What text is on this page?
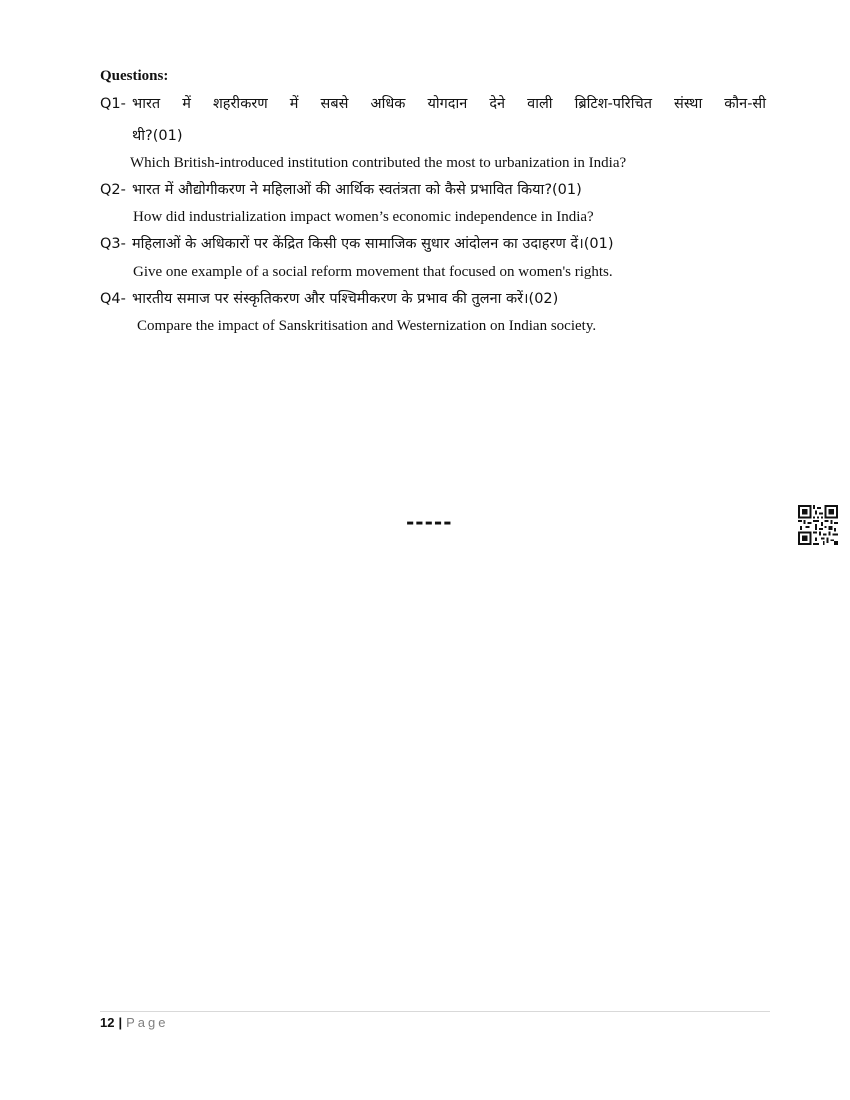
Questions:
Q1- भारत में शहरीकरण में सबसे अधिक योगदान देने वाली ब्रिटिश-परिचित संस्था कौन-सी
थी?(01)
Which British-introduced institution contributed the most to urbanization in India?
Q2- भारत में औद्योगीकरण ने महिलाओं की आर्थिक स्वतंत्रता को कैसे प्रभावित किया?(01)
How did industrialization impact women’s economic independence in India?
Q3- महिलाओं के अधिकारों पर केंद्रित किसी एक सामाजिक सुधार आंदोलन का उदाहरण दें।(01)
Give one example of a social reform movement that focused on women's rights.
Q4- भारतीय समाज पर संस्कृतिकरण और पश्चिमीकरण के प्रभाव की तुलना करें।(02)
Compare the impact of Sanskritisation and Westernization on Indian society.
-----
12 | Page
